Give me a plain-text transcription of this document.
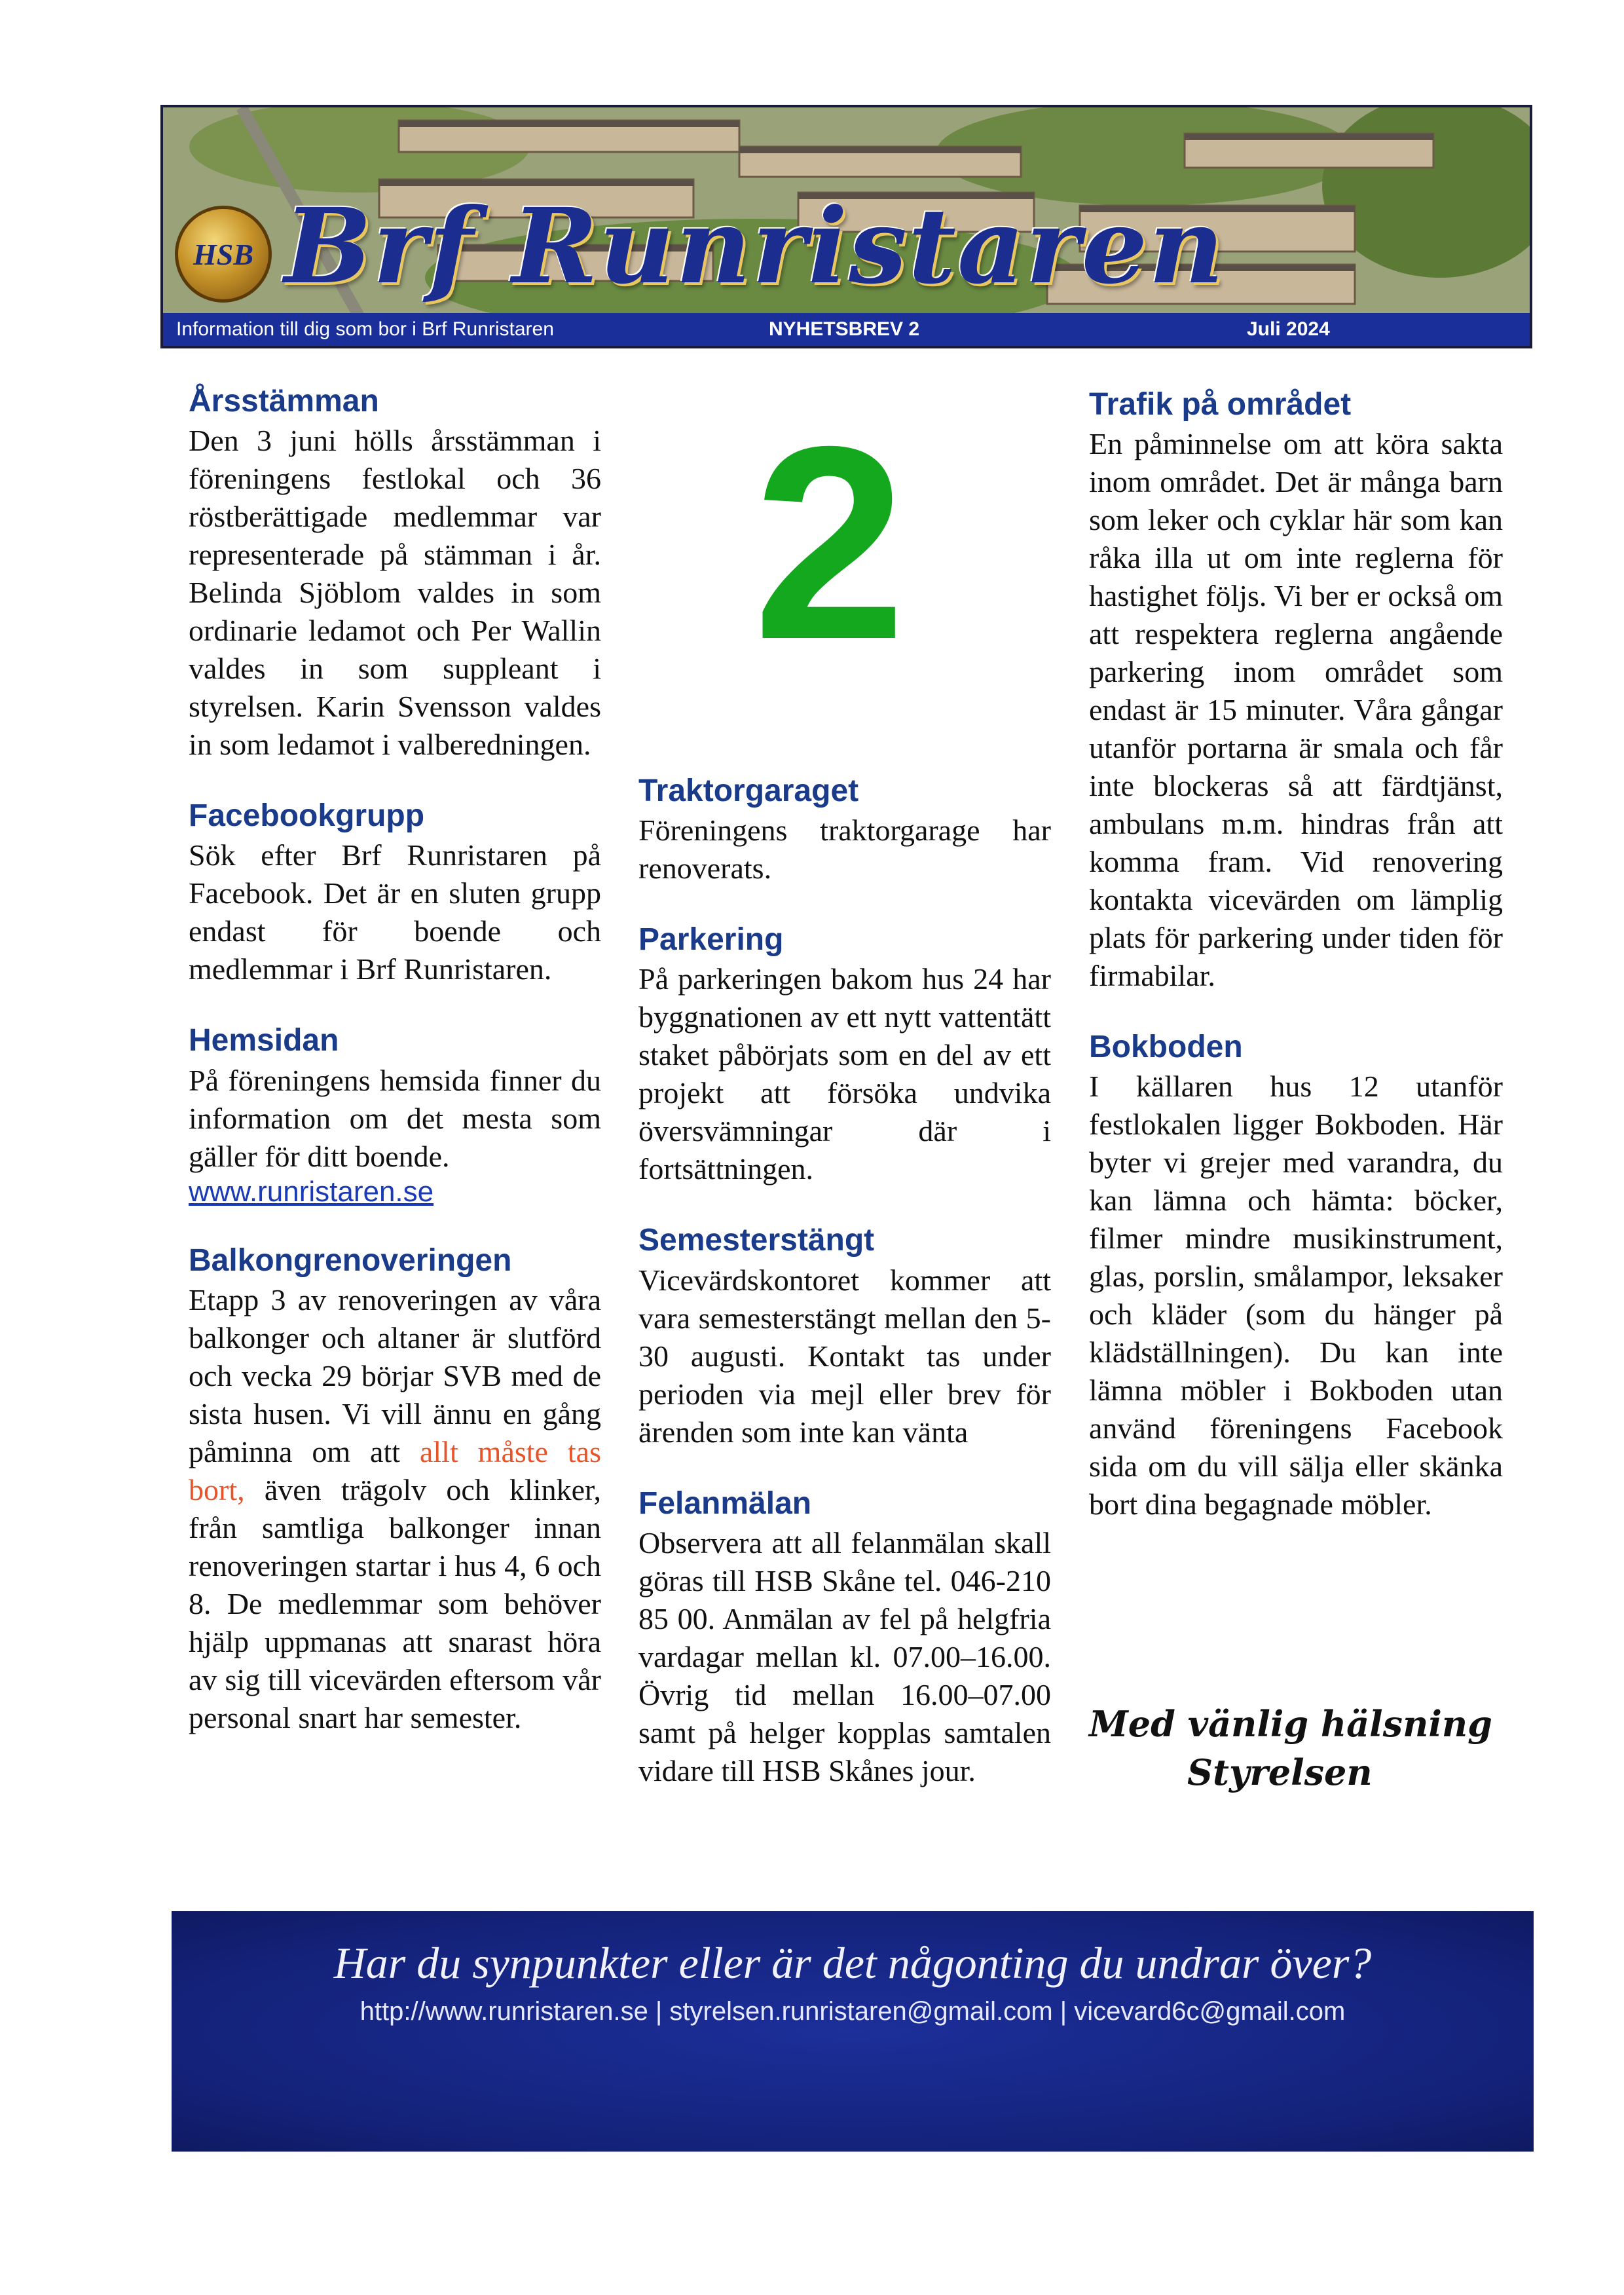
HSB Brf Runristaren
Information till dig som bor i Brf Runristaren	NYHETSBREV 2	Juli 2024
Årsstämman

Den 3 juni hölls årsstämman i föreningens festlokal och 36 röstberättigade medlemmar var representerade på stämman i år. Belinda Sjöblom valdes in som ordinarie ledamot och Per Wallin valdes in som suppleant i styrelsen. Karin Svensson valdes in som ledamot i valberedningen.

Facebookgrupp

Sök efter Brf Runristaren på Facebook. Det är en sluten grupp endast för boende och medlemmar i Brf Runristaren.

Hemsidan

På föreningens hemsida finner du information om det mesta som gäller för ditt boende.

www.runristaren.se
Balkongrenoveringen

Etapp 3 av renoveringen av våra balkonger och altaner är slutförd och vecka 29 börjar SVB med de sista husen. Vi vill ännu en gång påminna om att allt måste tas bort, även trägolv och klinker, från samtliga balkonger innan renoveringen startar i hus 4, 6 och 8. De medlemmar som behöver hjälp uppmanas att snarast höra av sig till vicevärden eftersom vår personal snart har semester.

2
Traktorgaraget

Föreningens traktorgarage har renoverats.

Parkering

På parkeringen bakom hus 24 har byggnationen av ett nytt vattentätt staket påbörjats som en del av ett projekt att försöka undvika översvämningar där i fortsättningen.

Semesterstängt

Vicevärdskontoret kommer att vara semesterstängt mellan den 5-30 augusti. Kontakt tas under perioden via mejl eller brev för ärenden som inte kan vänta

Felanmälan

Observera att all felanmälan skall göras till HSB Skåne tel. 046-210 85 00. Anmälan av fel på helgfria vardagar mellan kl. 07.00–16.00. Övrig tid mellan 16.00–07.00 samt på helger kopplas samtalen vidare till HSB Skånes jour.

Trafik på området

En påminnelse om att köra sakta inom området. Det är många barn som leker och cyklar här som kan råka illa ut om inte reglerna för hastighet följs. Vi ber er också om att respektera reglerna angående parkering inom området som endast är 15 minuter. Våra gångar utanför portarna är smala och får inte blockeras så att färdtjänst, ambulans m.m. hindras från att komma fram. Vid renovering kontakta vicevärden om lämplig plats för parkering under tiden för firmabilar.

Bokboden

I källaren hus 12 utanför festlokalen ligger Bokboden. Här byter vi grejer med varandra, du kan lämna och hämta: böcker, filmer mindre musikinstrument, glas, porslin, smålampor, leksaker och kläder (som du hänger på klädställningen). Du kan inte lämna möbler i Bokboden utan använd föreningens Facebook sida om du vill sälja eller skänka bort dina begagnade möbler.

Med vänlig hälsning
Styrelsen
Har du synpunkter eller är det någonting du undrar över?
http://www.runristaren.se | styrelsen.runristaren@gmail.com | vicevard6c@gmail.com
